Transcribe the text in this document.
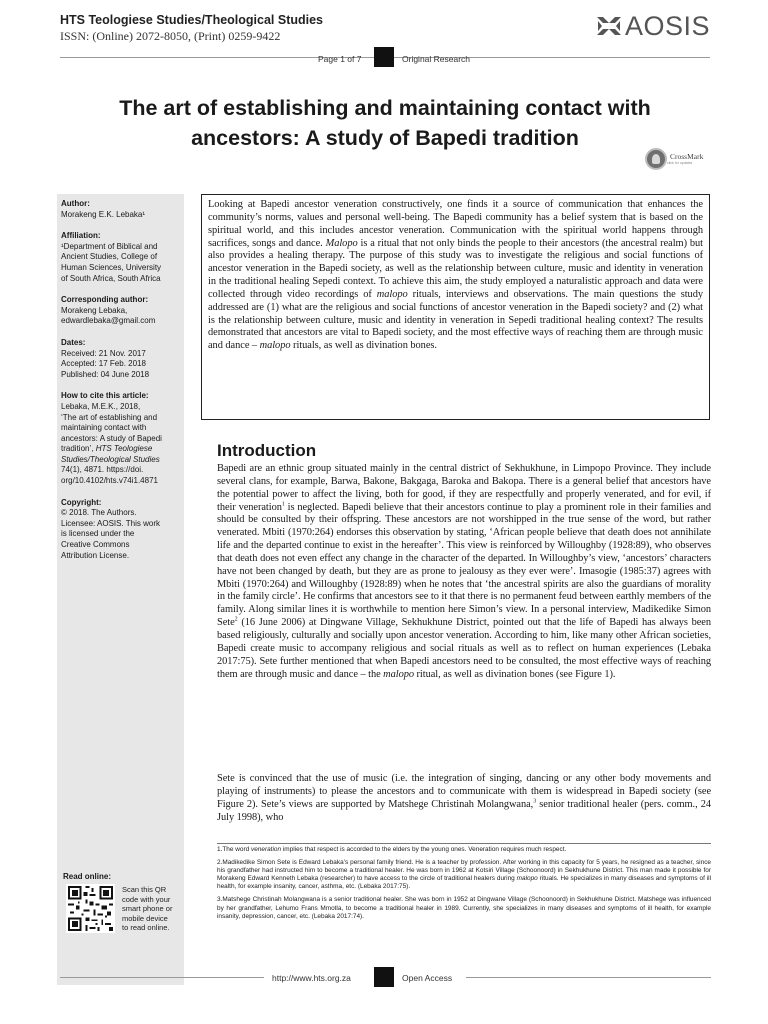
HTS Teologiese Studies/Theological Studies
ISSN: (Online) 2072-8050, (Print) 0259-9422	AOSIS
Page 1 of 7	Original Research
The art of establishing and maintaining contact with
ancestors: A study of Bapedi tradition
CrossMark
click for updates
Author:
Morakeng E.K. Lebaka¹
Affiliation:
¹Department of Biblical and
Ancient Studies, College of
Human Sciences, University
of South Africa, South Africa
Corresponding author:
Morakeng Lebaka,
edwardlebaka@gmail.com
Dates:
Received: 21 Nov. 2017
Accepted: 17 Feb. 2018
Published: 04 June 2018
How to cite this article:
Lebaka, M.E.K., 2018,
‘The art of establishing and
maintaining contact with
ancestors: A study of Bapedi
tradition’, HTS Teologiese
Studies/Theological Studies
74(1), 4871. https://doi.
org/10.4102/hts.v74i1.4871
Copyright:
© 2018. The Authors.
Licensee: AOSIS. This work
is licensed under the
Creative Commons
Attribution License.
Read online:
Scan this QR
code with your
smart phone or
mobile device
to read online.
Looking at Bapedi ancestor veneration constructively, one finds it a source of communication that enhances the community’s norms, values and personal well-being. The Bapedi community has a belief system that is based on the spiritual world, and this includes ancestor veneration. Communication with the spiritual world happens through sacrifices, songs and dance. Malopo is a ritual that not only binds the people to their ancestors (the ancestral realm) but also provides a healing therapy. The purpose of this study was to investigate the religious and social functions of ancestor veneration in the Bapedi society, as well as the relationship between culture, music and identity in veneration in the traditional healing Sepedi context. To achieve this aim, the study employed a naturalistic approach and data were collected through video recordings of malopo rituals, interviews and observations. The main questions the study addressed are (1) what are the religious and social functions of ancestor veneration in the Bapedi society? and (2) what is the relationship between culture, music and identity in veneration in Sepedi traditional healing context? The results demonstrated that ancestors are vital to Bapedi society, and the most effective ways of reaching them are through music and dance – malopo rituals, as well as divination bones.
Introduction

Bapedi are an ethnic group situated mainly in the central district of Sekhukhune, in Limpopo Province. They include several clans, for example, Barwa, Bakone, Bakgaga, Baroka and Bakopa. There is a general belief that ancestors have the potential power to affect the living, both for good, if they are respectfully and properly venerated, and for evil, if their veneration$^1$ is neglected. Bapedi believe that their ancestors continue to play a prominent role in their families and should be consulted by their offspring. These ancestors are not worshipped in the true sense of the word, but rather venerated. Mbiti (1970:264) endorses this observation by stating, ‘African people believe that death does not annihilate life and the departed continue to exist in the hereafter’. This view is reinforced by Willoughby (1928:89), who observes that death does not even effect any change in the character of the departed. In Willoughby’s view, ‘ancestors’ characters have not been changed by death, but they are as prone to jealousy as they ever were’. Imasogie (1985:37) agrees with Mbiti (1970:264) and Willoughby (1928:89) when he notes that ‘the ancestral spirits are also the guardians of morality in the family circle’. He confirms that ancestors see to it that there is no permanent feud between earthly members of the family. Along similar lines it is worthwhile to mention here Simon’s view. In a personal interview, Madikedike Simon Sete$^2$ (16 June 2006) at Dingwane Village, Sekhukhune District, pointed out that the life of Bapedi has always been based religiously, culturally and socially upon ancestor veneration. According to him, like many other African societies, Bapedi create music to accompany religious and social rituals as well as to reflect on human experiences (Lebaka 2017:75). Sete further mentioned that when Bapedi ancestors need to be consulted, the most effective ways of reaching them are through music and dance – the malopo ritual, as well as divination bones (see Figure 1).

Sete is convinced that the use of music (i.e. the integration of singing, dancing or any other body movements and playing of instruments) to please the ancestors and to communicate with them is widespread in Bapedi society (see Figure 2). Sete’s views are supported by Matshege Christinah Molangwana,$^3$ senior traditional healer (pers. comm., 24 July 1998), who

1.The word veneration implies that respect is accorded to the elders by the young ones. Veneration requires much respect.
2.Madikedike Simon Sete is Edward Lebaka’s personal family friend. He is a teacher by profession. After working in this capacity for 5 years, he resigned as a teacher, since his grandfather had instructed him to become a traditional healer. He was born in 1962 at Kotsiri Village (Schoonoord) in Sekhukhune District. This man made it possible for Morakeng Edward Kenneth Lebaka (researcher) to have access to the circle of traditional healers during malopo rituals. He specializes in many diseases and symptoms of ill health, for example insanity, cancer, asthma, etc. (Lebaka 2017:75).
3.Matshege Christinah Molangwana is a senior traditional healer. She was born in 1952 at Dingwane Village (Schoonoord) in Sekhukhune District. Matshege was influenced by her grandfather, Lehumo Frans Mmotla, to become a traditional healer in 1989. Currently, she specializes in many diseases and symptoms of ill health, for example insanity, depression, cancer, etc. (Lebaka 2017:74).
http://www.hts.org.za	Open Access
